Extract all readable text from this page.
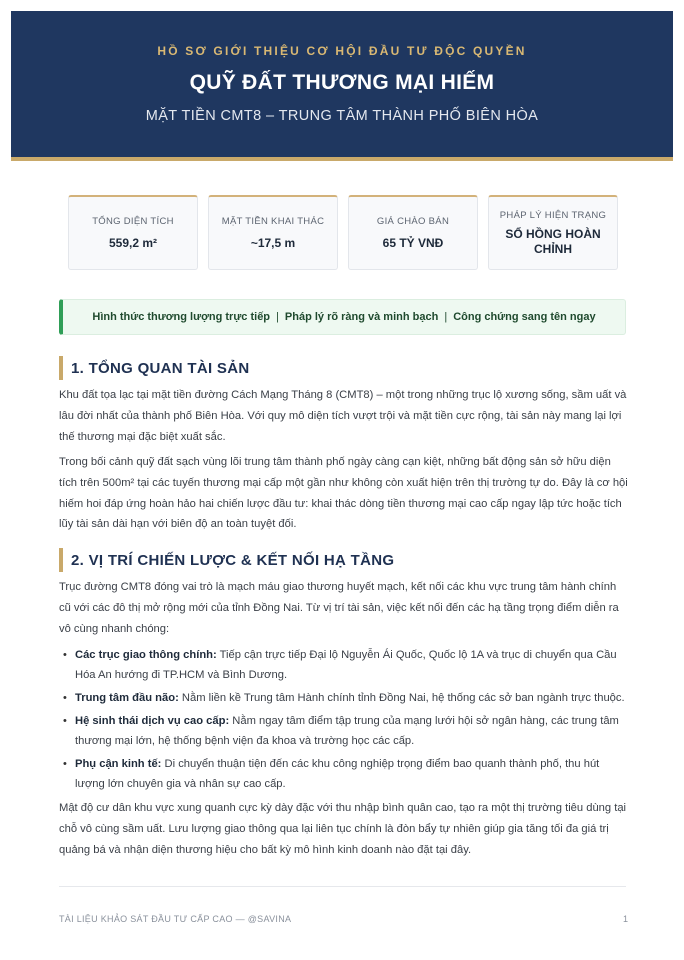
HỒ SƠ GIỚI THIỆU CƠ HỘI ĐẦU TƯ ĐỘC QUYỀN
QUỸ ĐẤT THƯƠNG MẠI HIẾM
MẶT TIỀN CMT8 – TRUNG TÂM THÀNH PHỐ BIÊN HÒA
TỔNG DIỆN TÍCH
559,2 m²
MẶT TIỀN KHAI THÁC
~17,5 m
GIÁ CHÀO BÁN
65 TỶ VNĐ
PHÁP LÝ HIỆN TRẠNG
SỔ HỒNG HOÀN CHỈNH
Hình thức thương lượng trực tiếp | Pháp lý rõ ràng và minh bạch | Công chứng sang tên ngay
1. TỔNG QUAN TÀI SẢN
Khu đất tọa lạc tại mặt tiền đường Cách Mạng Tháng 8 (CMT8) – một trong những trục lộ xương sống, sầm uất và lâu đời nhất của thành phố Biên Hòa. Với quy mô diện tích vượt trội và mặt tiền cực rộng, tài sản này mang lại lợi thế thương mại đặc biệt xuất sắc.
Trong bối cảnh quỹ đất sạch vùng lõi trung tâm thành phố ngày càng cạn kiệt, những bất động sản sở hữu diện tích trên 500m² tại các tuyến thương mại cấp một gần như không còn xuất hiện trên thị trường tự do. Đây là cơ hội hiếm hoi đáp ứng hoàn hảo hai chiến lược đầu tư: khai thác dòng tiền thương mại cao cấp ngay lập tức hoặc tích lũy tài sản dài hạn với biên độ an toàn tuyệt đối.
2. VỊ TRÍ CHIẾN LƯỢC & KẾT NỐI HẠ TẦNG
Trục đường CMT8 đóng vai trò là mạch máu giao thương huyết mạch, kết nối các khu vực trung tâm hành chính cũ với các đô thị mở rộng mới của tỉnh Đồng Nai. Từ vị trí tài sản, việc kết nối đến các hạ tầng trọng điểm diễn ra vô cùng nhanh chóng:
• Các trục giao thông chính: Tiếp cận trực tiếp Đại lộ Nguyễn Ái Quốc, Quốc lộ 1A và trục di chuyển qua Cầu Hóa An hướng đi TP.HCM và Bình Dương.
• Trung tâm đầu não: Nằm liền kề Trung tâm Hành chính tỉnh Đồng Nai, hệ thống các sở ban ngành trực thuộc.
• Hệ sinh thái dịch vụ cao cấp: Nằm ngay tâm điểm tập trung của mạng lưới hội sở ngân hàng, các trung tâm thương mại lớn, hệ thống bệnh viện đa khoa và trường học các cấp.
• Phụ cận kinh tế: Di chuyển thuận tiện đến các khu công nghiệp trọng điểm bao quanh thành phố, thu hút lượng lớn chuyên gia và nhân sự cao cấp.
Mật độ cư dân khu vực xung quanh cực kỳ dày đặc với thu nhập bình quân cao, tạo ra một thị trường tiêu dùng tại chỗ vô cùng sầm uất. Lưu lượng giao thông qua lại liên tục chính là đòn bẩy tự nhiên giúp gia tăng tối đa giá trị quảng bá và nhận diện thương hiệu cho bất kỳ mô hình kinh doanh nào đặt tại đây.
TÀI LIỆU KHẢO SÁT ĐẦU TƯ CẤP CAO — @SAVINA	1
